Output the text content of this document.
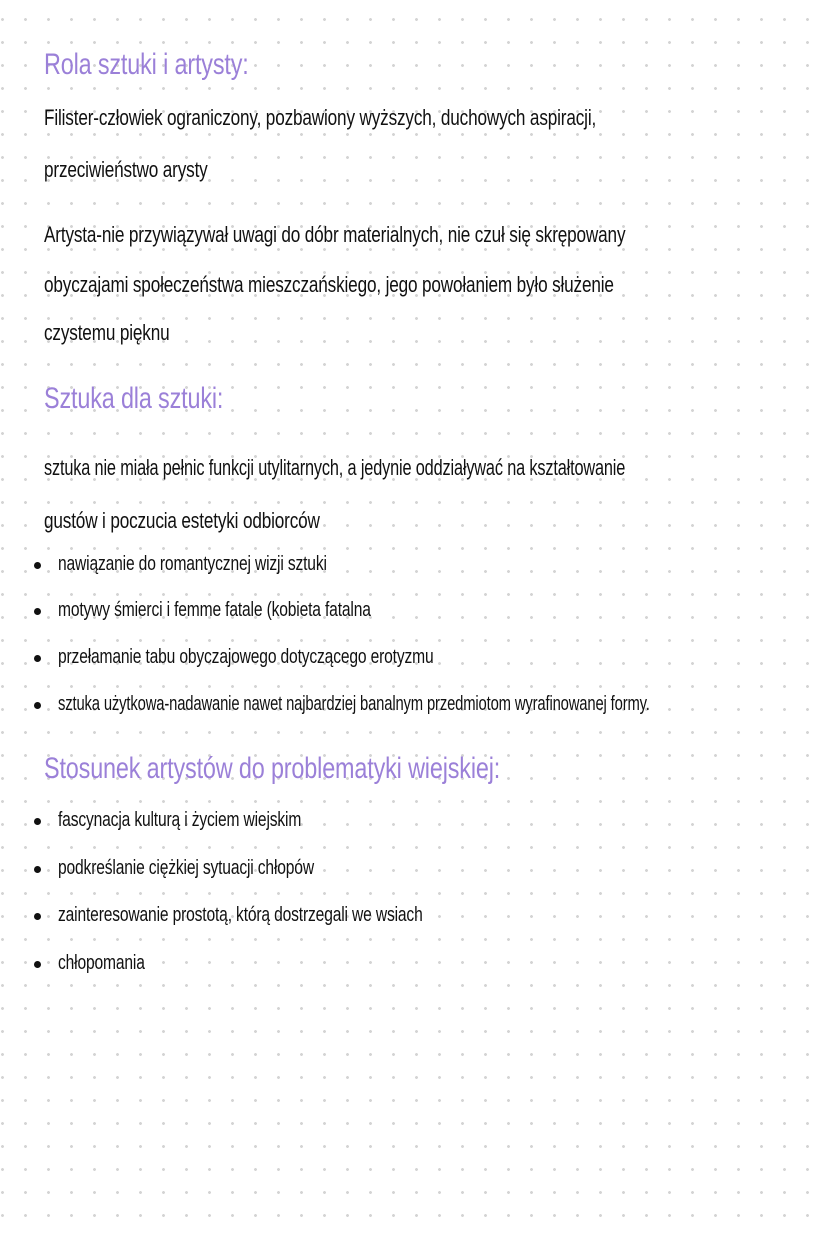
Rola sztuki i artysty:
Filister-człowiek ograniczony, pozbawiony wyższych, duchowych aspiracji,
przeciwieństwo arysty
Artysta-nie przywiązywał uwagi do dóbr materialnych, nie czuł się skrępowany
obyczajami społeczeństwa mieszczańskiego, jego powołaniem było służenie
czystemu pięknu
Sztuka dla sztuki:
sztuka nie miała pełnic funkcji utylitarnych, a jedynie oddziaływać na kształtowanie
gustów i poczucia estetyki odbiorców
nawiązanie do romantycznej wizji sztuki
motywy śmierci i femme fatale (kobieta fatalna
przełamanie tabu obyczajowego dotyczącego erotyzmu
sztuka użytkowa-nadawanie nawet najbardziej banalnym przedmiotom wyrafinowanej formy.
Stosunek artystów do problematyki wiejskiej:
fascynacja kulturą i życiem wiejskim
podkreślanie ciężkiej sytuacji chłopów
zainteresowanie prostotą, którą dostrzegali we wsiach
chłopomania
